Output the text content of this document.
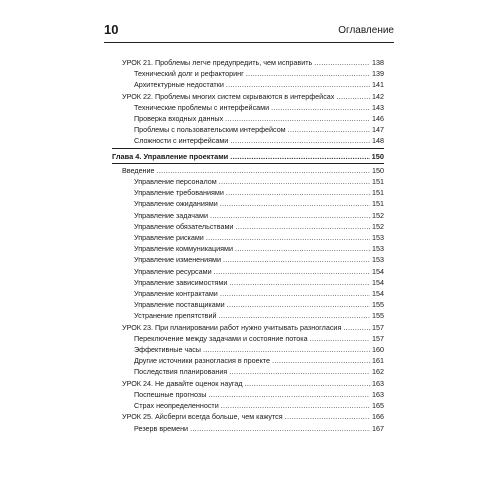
10	Оглавление
УРОК 21. Проблемы легче предупредить, чем исправить .....	138
Технический долг и рефакторинг .....	139
Архитектурные недостатки .....	141
УРОК 22. Проблемы многих систем скрываются в интерфейсах .....	142
Технические проблемы с интерфейсами .....	143
Проверка входных данных .....	146
Проблемы с пользовательским интерфейсом .....	147
Сложности с интерфейсами .....	148
Глава 4. Управление проектами .....	150
Введение .....	150
Управление персоналом .....	151
Управление требованиями .....	151
Управление ожиданиями .....	151
Управление задачами .....	152
Управление обязательствами .....	152
Управление рисками .....	153
Управление коммуникациями .....	153
Управление изменениями .....	153
Управление ресурсами .....	154
Управление зависимостями .....	154
Управление контрактами .....	154
Управление поставщиками .....	155
Устранение препятствий .....	155
УРОК 23. При планировании работ нужно учитывать разногласия .....	157
Переключение между задачами и состояние потока .....	157
Эффективные часы .....	160
Другие источники разногласия в проекте .....	161
Последствия планирования .....	162
УРОК 24. Не давайте оценок наугад .....	163
Поспешные прогнозы .....	163
Страх неопределенности .....	165
УРОК 25. Айсберги всегда больше, чем кажутся .....	166
Резерв времени .....	167
